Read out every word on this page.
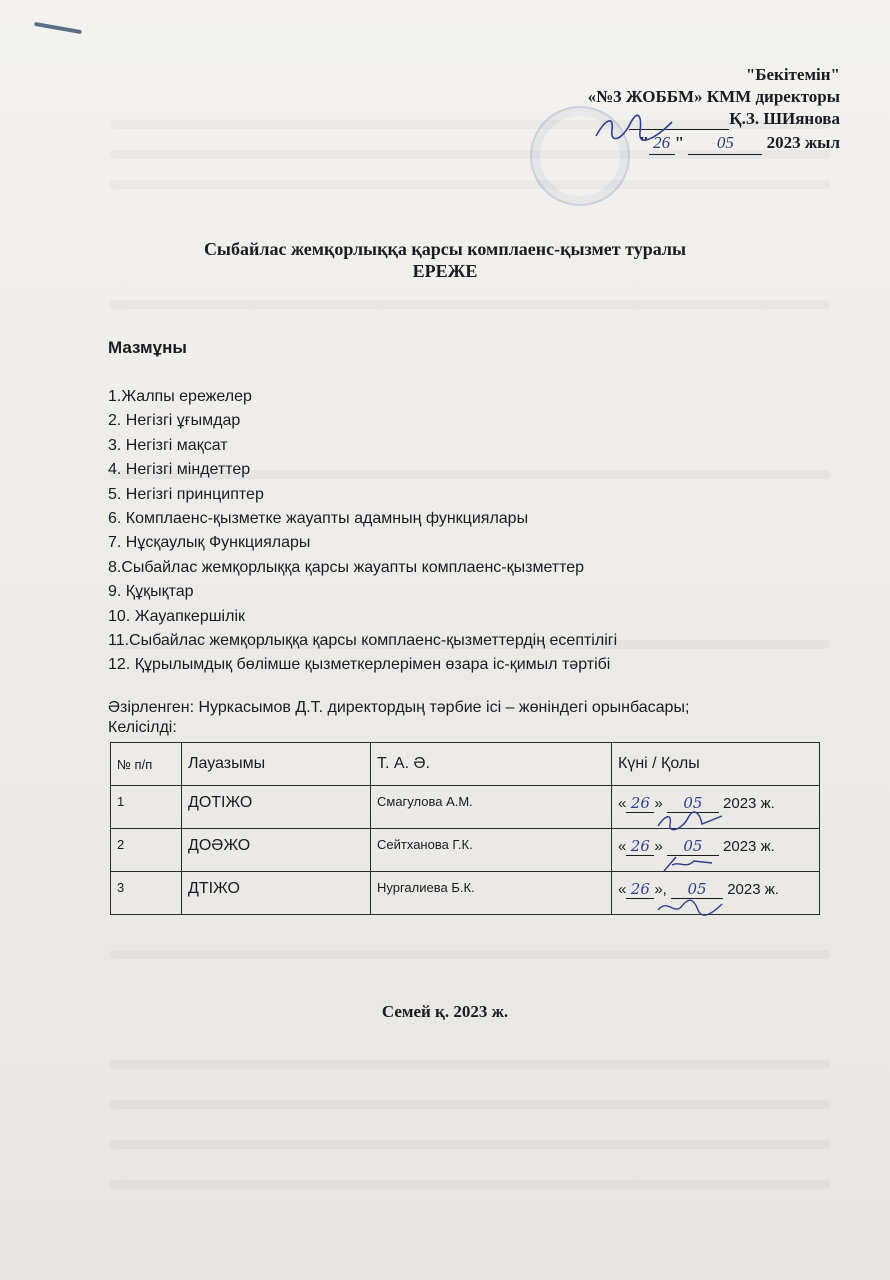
"Бекітемін"
«№3 ЖОББМ» КММ директоры
Қ.З. ШИянова
" 26 " 05 2023 жыл
Сыбайлас жемқорлыққа қарсы комплаенс-қызмет туралы
ЕРЕЖЕ
Мазмұны
1.Жалпы ережелер
2. Негізгі ұғымдар
3. Негізгі мақсат
4. Негізгі міндеттер
5. Негізгі принциптер
6. Комплаенс-қызметке жауапты адамның функциялары
7. Нұсқаулық Функциялары
8.Сыбайлас жемқорлыққа қарсы жауапты комплаенс-қызметтер
9. Құқықтар
10. Жауапкершілік
11.Сыбайлас жемқорлыққа қарсы комплаенс-қызметтердің есептілігі
12. Құрылымдық бөлімше қызметкерлерімен өзара іс-қимыл тәртібі
Әзірленген: Нуркасымов Д.Т. директордың тәрбие ісі – жөніндегі орынбасары;
Келісілді:
№ п/п	Лауазымы	Т. А. Ә.	Күні / Қолы
1	ДОТІЖО	Смагулова А.М.	« 26 » 05 2023 ж.

2	ДОӘЖО	Сейтханова Г.К.	« 26 » 05 2023 ж.

3	ДТІЖО	Нургалиева Б.К.	« 26 », 05 2023 ж.
Семей қ. 2023 ж.
